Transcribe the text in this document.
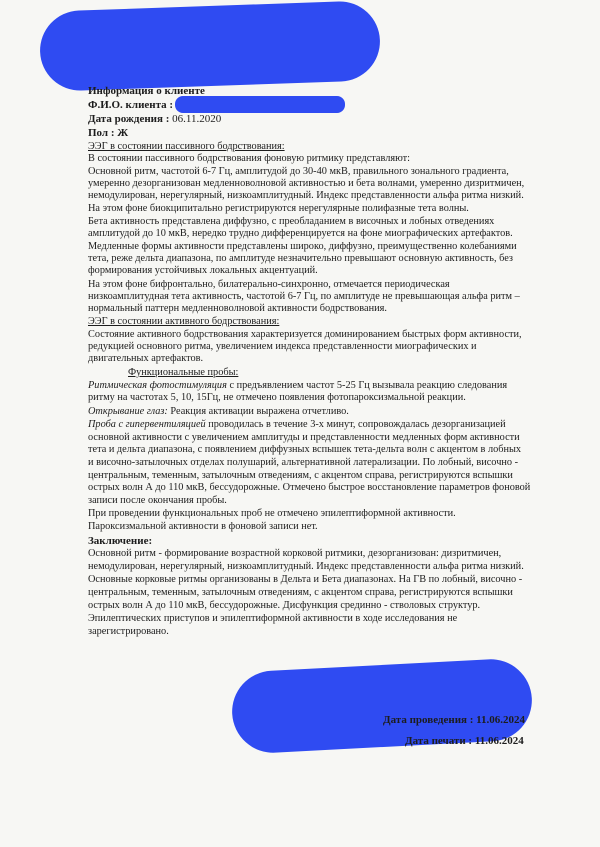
Информация о клиенте
Ф.И.О. клиента :
Дата рождения : 06.11.2020
Пол : Ж
ЭЭГ в состоянии пассивного бодрствования:
В состоянии пассивного бодрствования фоновую ритмику представляют:
Основной ритм, частотой 6-7 Гц, амплитудой до 30-40 мкВ, правильного зонального градиента,
умеренно дезорганизован медленноволновой активностью и бета волнами, умеренно дизритмичен,
немодулирован, нерегулярный, низкоамплитудный. Индекс представленности альфа ритма низкий.
На этом фоне биокципитально регистрируются нерегулярные полифазные тета волны.
Бета активность представлена диффузно, с преобладанием в височных и лобных отведениях
амплитудой до 10 мкВ, нередко трудно дифференцируется на фоне миографических артефактов.
Медленные формы активности представлены широко, диффузно, преимущественно колебаниями
тета, реже дельта диапазона, по амплитуде незначительно превышают основную активность, без
формирования устойчивых локальных акцентуаций.
На этом фоне бифронтально, билатерально-синхронно, отмечается периодическая
низкоамплитудная тета активность, частотой 6-7 Гц, по амплитуде не превышающая альфа ритм –
нормальный паттерн медленноволновой активности бодрствования.
ЭЭГ в состоянии активного бодрствования:
Состояние активного бодрствования характеризуется доминированием быстрых форм активности,
редукцией основного ритма, увеличением индекса представленности миографических и
двигательных артефактов.
Функциональные пробы:
Ритмическая фотостимуляция с предъявлением частот 5-25 Гц вызывала реакцию следования
ритму на частотах 5, 10, 15Гц, не отмечено появления фотопароксизмальной реакции.
Открывание глаз: Реакция активации выражена отчетливо.
Проба с гипервентиляцией проводилась в течение 3-х минут, сопровождалась дезорганизацией
основной активности с увеличением амплитуды и представленности медленных форм активности
тета и дельта диапазона, с появлением диффузных вспышек тета-дельта волн с акцентом в лобных
и височно-затылочных отделах полушарий, альтернативной латерализации. По лобный, височно -
центральным, теменным, затылочным отведениям, с акцентом справа, регистрируются вспышки
острых волн А до 110 мкВ, бессудорожные. Отмечено быстрое восстановление параметров фоновой
записи после окончания пробы.
При проведении функциональных проб не отмечено эпилептиформной активности.
Пароксизмальной активности в фоновой записи нет.
Заключение:
Основной ритм - формирование возрастной корковой ритмики, дезорганизован: дизритмичен,
немодулирован, нерегулярный, низкоамплитудный. Индекс представленности альфа ритма низкий.
Основные корковые ритмы организованы в Дельта и Бета диапазонах. На ГВ по лобный, височно -
центральным, теменным, затылочным отведениям, с акцентом справа, регистрируются вспышки
острых волн А до 110 мкВ, бессудорожные. Дисфункция срединно - стволовых структур.
Эпилептических приступов и эпилептиформной активности в ходе исследования не
зарегистрировано.
Дата проведения : 11.06.2024
Дата печати : 11.06.2024
